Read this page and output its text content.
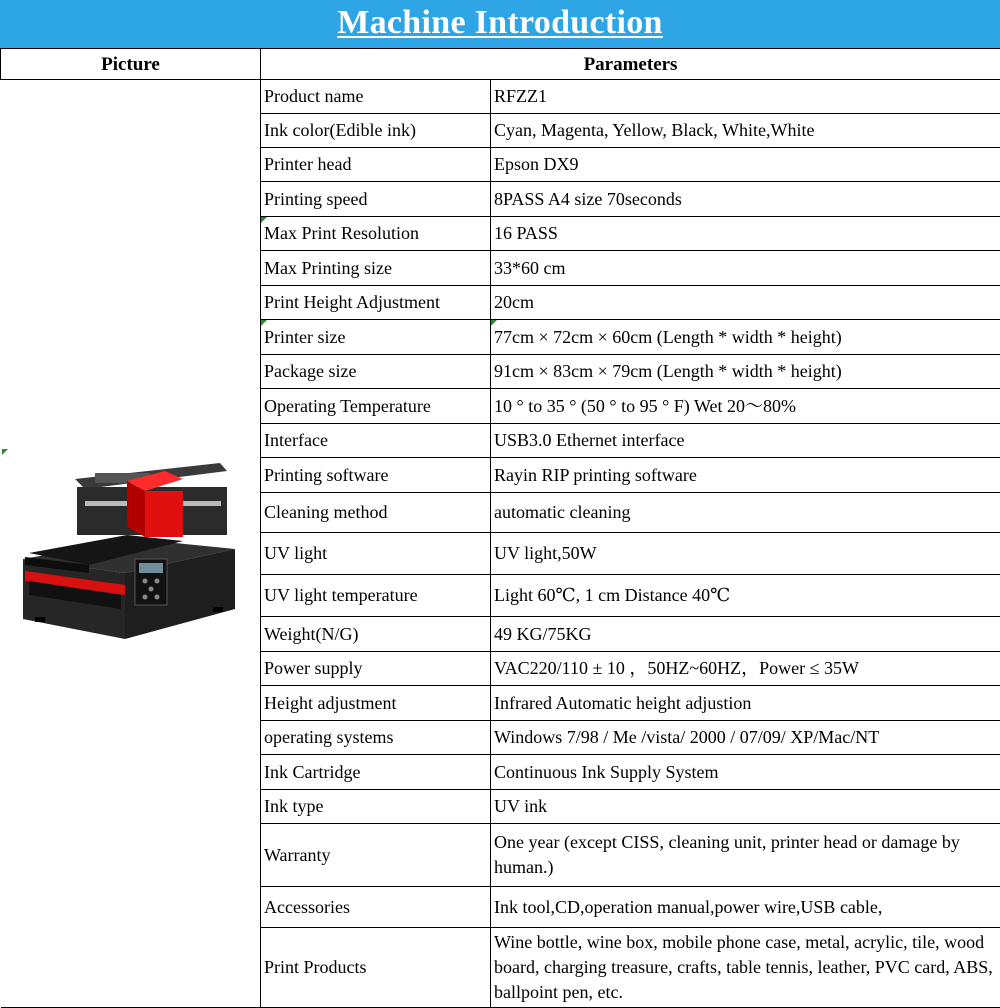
Machine Introduction
Picture	Parameters	

	Product name	RFZZ1
	Ink color(Edible ink)	Cyan, Magenta, Yellow, Black, White,White
	Printer head	Epson DX9
	Printing speed	8PASS A4 size 70seconds

Max Print Resolution	16 PASS
	Max Printing size	33*60 cm
	Print Height Adjustment	20cm

Printer size	77cm × 72cm × 60cm (Length * width * height)
	Package size	91cm × 83cm × 79cm (Length * width * height)
	Operating Temperature	10 ° to 35 ° (50 ° to 95 ° F) Wet 20～80%
	Interface	USB3.0 Ethernet interface
	Printing software	Rayin RIP printing software
	Cleaning method	automatic cleaning
	UV light	UV light,50W
	UV light temperature	Light 60℃, 1 cm Distance 40℃
	Weight(N/G)	49 KG/75KG
	Power supply	VAC220/110 ± 10 ，50HZ~60HZ，Power ≤ 35W
	Height adjustment	Infrared Automatic height adjustion
	operating systems	Windows 7/98 / Me /vista/ 2000 / 07/09/ XP/Mac/NT
	Ink Cartridge	Continuous Ink Supply System
	Ink type	UV ink
	Warranty	One year (except CISS, cleaning unit, printer head or damage by human.)
	Accessories	Ink tool,CD,operation manual,power wire,USB cable,
	Print Products	Wine bottle, wine box, mobile phone case, metal, acrylic, tile, wood board, charging treasure, crafts, table tennis, leather, PVC card, ABS, ballpoint pen, etc.
